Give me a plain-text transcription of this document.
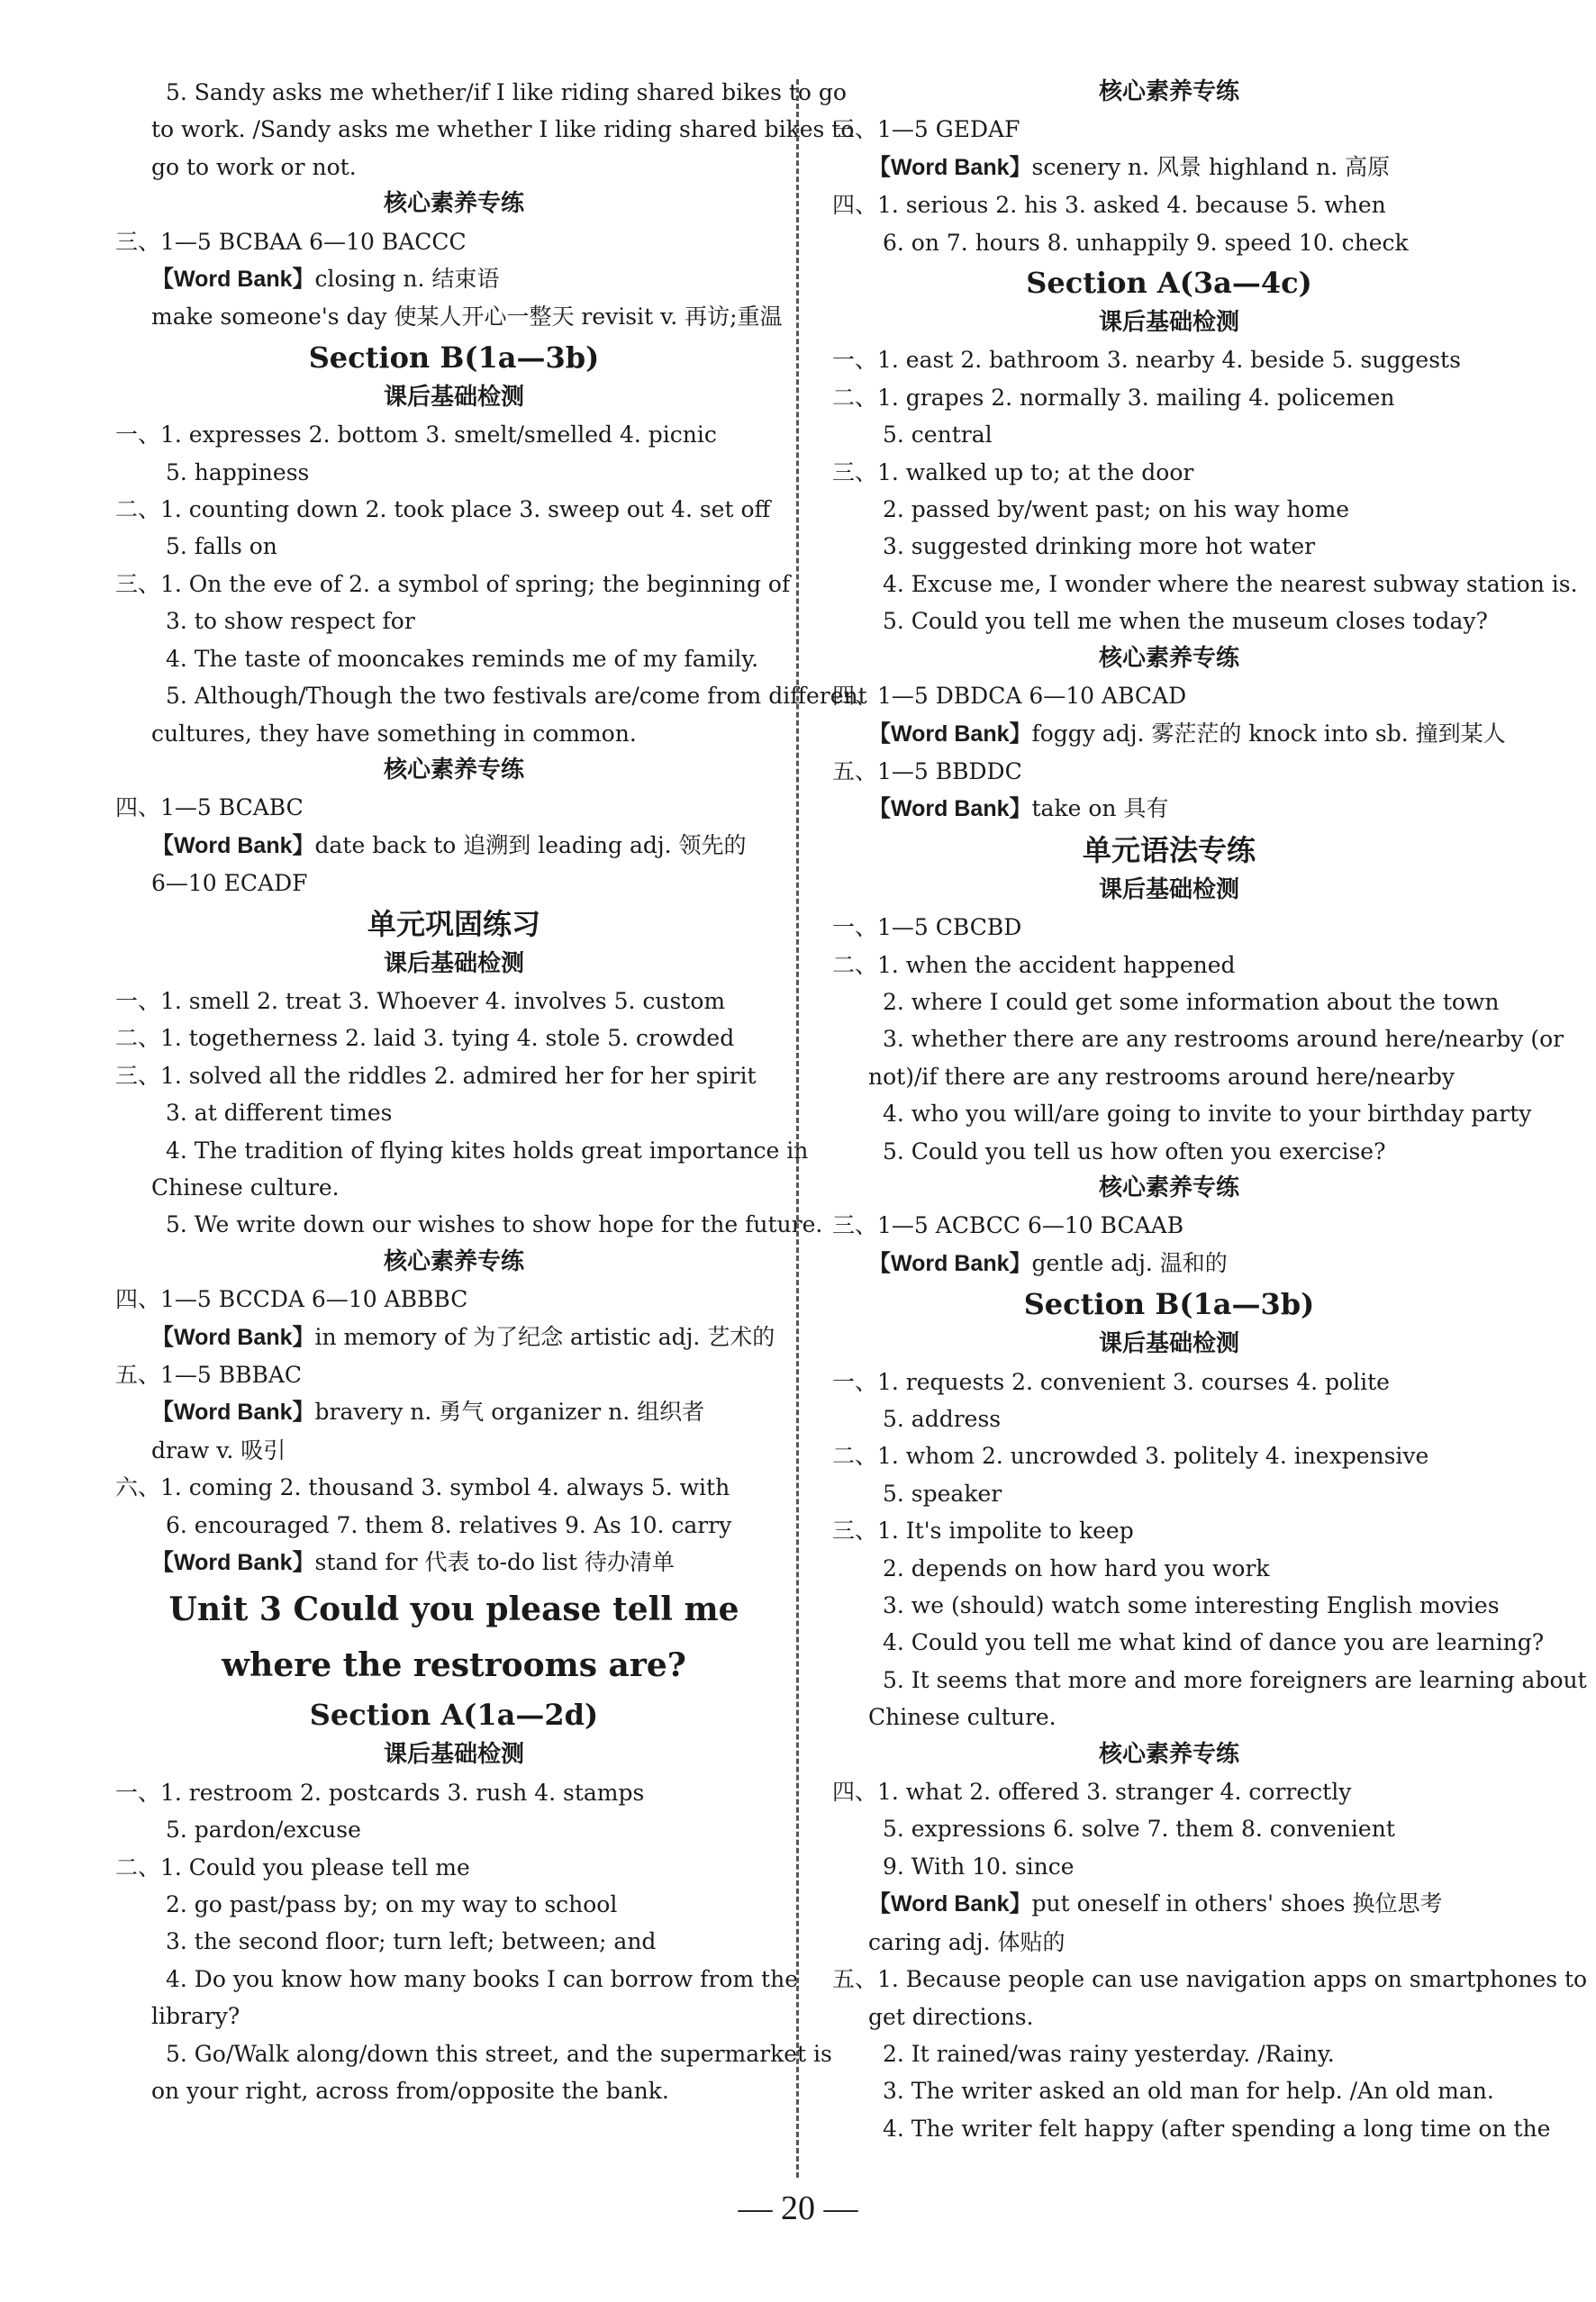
5. Sandy asks me whether/if I like riding shared bikes to go
to work. /Sandy asks me whether I like riding shared bikes to
go to work or not.
核心素养专练
三、1—5 BCBAA 6—10 BACCC
【Word Bank】closing n. 结束语
make someone's day 使某人开心一整天 revisit v. 再访;重温
Section B(1a—3b)
课后基础检测
一、1. expresses 2. bottom 3. smelt/smelled 4. picnic
5. happiness
二、1. counting down 2. took place 3. sweep out 4. set off
5. falls on
三、1. On the eve of 2. a symbol of spring; the beginning of
3. to show respect for
4. The taste of mooncakes reminds me of my family.
5. Although/Though the two festivals are/come from different
cultures, they have something in common.
核心素养专练
四、1—5 BCABC
【Word Bank】date back to 追溯到 leading adj. 领先的
6—10 ECADF
单元巩固练习
课后基础检测
一、1. smell 2. treat 3. Whoever 4. involves 5. custom
二、1. togetherness 2. laid 3. tying 4. stole 5. crowded
三、1. solved all the riddles 2. admired her for her spirit
3. at different times
4. The tradition of flying kites holds great importance in
Chinese culture.
5. We write down our wishes to show hope for the future.
核心素养专练
四、1—5 BCCDA 6—10 ABBBC
【Word Bank】in memory of 为了纪念 artistic adj. 艺术的
五、1—5 BBBAC
【Word Bank】bravery n. 勇气 organizer n. 组织者
draw v. 吸引
六、1. coming 2. thousand 3. symbol 4. always 5. with
6. encouraged 7. them 8. relatives 9. As 10. carry
【Word Bank】stand for 代表 to-do list 待办清单
Unit 3 Could you please tell me
where the restrooms are?
Section A(1a—2d)
课后基础检测
一、1. restroom 2. postcards 3. rush 4. stamps
5. pardon/excuse
二、1. Could you please tell me
2. go past/pass by; on my way to school
3. the second floor; turn left; between; and
4. Do you know how many books I can borrow from the
library?
5. Go/Walk along/down this street, and the supermarket is
on your right, across from/opposite the bank.
核心素养专练
三、1—5 GEDAF
【Word Bank】scenery n. 风景 highland n. 高原
四、1. serious 2. his 3. asked 4. because 5. when
6. on 7. hours 8. unhappily 9. speed 10. check
Section A(3a—4c)
课后基础检测
一、1. east 2. bathroom 3. nearby 4. beside 5. suggests
二、1. grapes 2. normally 3. mailing 4. policemen
5. central
三、1. walked up to; at the door
2. passed by/went past; on his way home
3. suggested drinking more hot water
4. Excuse me, I wonder where the nearest subway station is.
5. Could you tell me when the museum closes today?
核心素养专练
四、1—5 DBDCA 6—10 ABCAD
【Word Bank】foggy adj. 雾茫茫的 knock into sb. 撞到某人
五、1—5 BBDDC
【Word Bank】take on 具有
单元语法专练
课后基础检测
一、1—5 CBCBD
二、1. when the accident happened
2. where I could get some information about the town
3. whether there are any restrooms around here/nearby (or
not)/if there are any restrooms around here/nearby
4. who you will/are going to invite to your birthday party
5. Could you tell us how often you exercise?
核心素养专练
三、1—5 ACBCC 6—10 BCAAB
【Word Bank】gentle adj. 温和的
Section B(1a—3b)
课后基础检测
一、1. requests 2. convenient 3. courses 4. polite
5. address
二、1. whom 2. uncrowded 3. politely 4. inexpensive
5. speaker
三、1. It's impolite to keep
2. depends on how hard you work
3. we (should) watch some interesting English movies
4. Could you tell me what kind of dance you are learning?
5. It seems that more and more foreigners are learning about
Chinese culture.
核心素养专练
四、1. what 2. offered 3. stranger 4. correctly
5. expressions 6. solve 7. them 8. convenient
9. With 10. since
【Word Bank】put oneself in others' shoes 换位思考
caring adj. 体贴的
五、1. Because people can use navigation apps on smartphones to
get directions.
2. It rained/was rainy yesterday. /Rainy.
3. The writer asked an old man for help. /An old man.
4. The writer felt happy (after spending a long time on the
— 20 —
